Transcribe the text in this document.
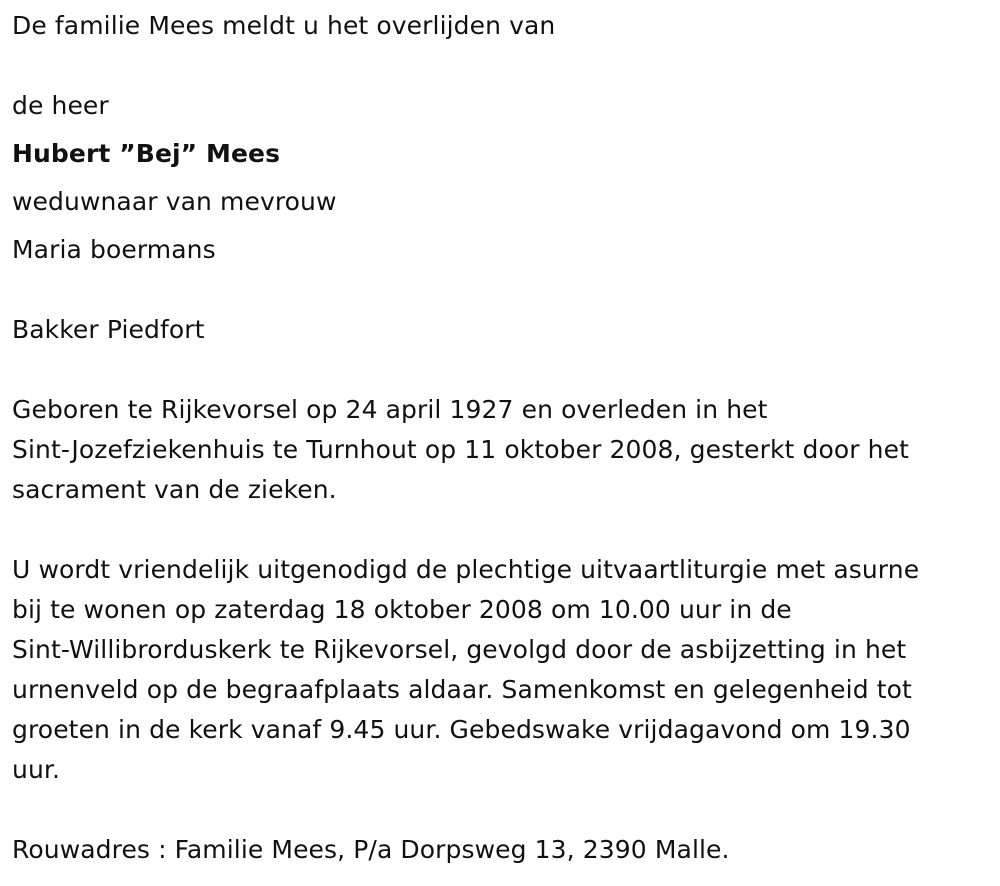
De familie Mees meldt u het overlijden van

de heer

Hubert ”Bej” Mees

weduwnaar van mevrouw

Maria boermans

Bakker Piedfort

Geboren te Rijkevorsel op 24 april 1927 en overleden in het

Sint-Jozefziekenhuis te Turnhout op 11 oktober 2008, gesterkt door het

sacrament van de zieken.

U wordt vriendelijk uitgenodigd de plechtige uitvaartliturgie met asurne

bij te wonen op zaterdag 18 oktober 2008 om 10.00 uur in de

Sint-Willibrorduskerk te Rijkevorsel, gevolgd door de asbijzetting in het

urnenveld op de begraafplaats aldaar. Samenkomst en gelegenheid tot

groeten in de kerk vanaf 9.45 uur. Gebedswake vrijdagavond om 19.30

uur.

Rouwadres : Familie Mees, P/a Dorpsweg 13, 2390 Malle.
